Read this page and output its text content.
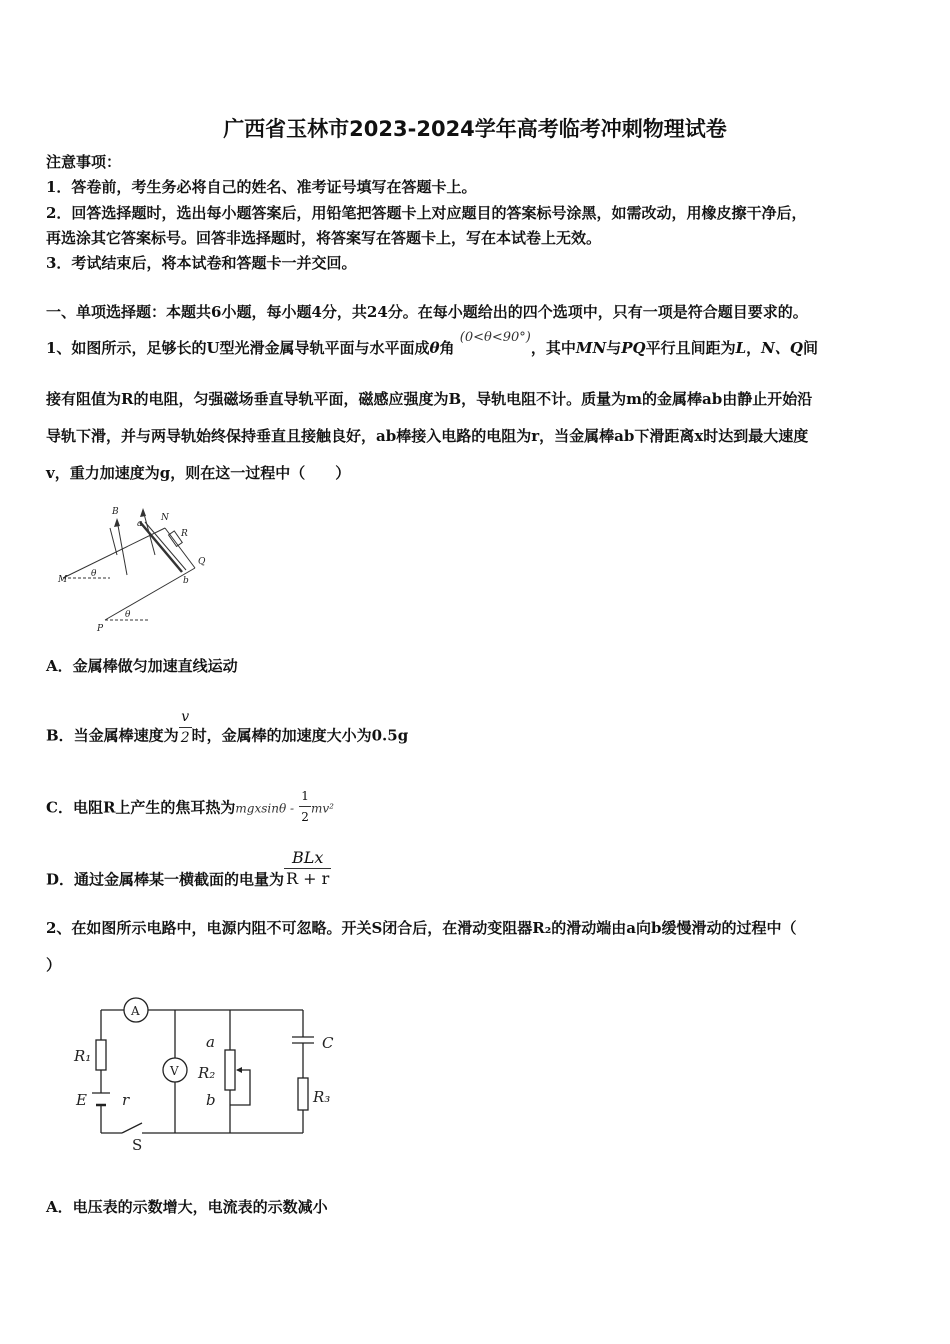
广西省玉林市2023-2024学年高考临考冲刺物理试卷
注意事项：
1．答卷前，考生务必将自己的姓名、准考证号填写在答题卡上。
2．回答选择题时，选出每小题答案后，用铅笔把答题卡上对应题目的答案标号涂黑，如需改动，用橡皮擦干净后，
再选涂其它答案标号。回答非选择题时，将答案写在答题卡上，写在本试卷上无效。
3．考试结束后，将本试卷和答题卡一并交回。
一、单项选择题：本题共6小题，每小题4分，共24分。在每小题给出的四个选项中，只有一项是符合题目要求的。
1、如图所示，足够长的U型光滑金属导轨平面与水平面成θ角 (0<θ<90°)，其中MN与PQ平行且间距为L，N、Q间
接有阻值为R的电阻，匀强磁场垂直导轨平面，磁感应强度为B，导轨电阻不计。质量为m的金属棒ab由静止开始沿
导轨下滑，并与两导轨始终保持垂直且接触良好，ab棒接入电路的电阻为r，当金属棒ab下滑距离x时达到最大速度
v，重力加速度为g，则在这一过程中（　　）
B
a
N
R
Q
b
M
θ
P
θ
A．金属棒做匀加速直线运动
B．当金属棒速度为 $\frac{v}{2}$ 时，金属棒的加速度大小为0.5g
C．电阻R上产生的焦耳热为mgxsinθ - $\frac{1}{2} mv^2$
D．通过金属棒某一横截面的电量为 $\frac{\text{BLx}}{R + r}$
2、在如图所示电路中，电源内阻不可忽略。开关S闭合后，在滑动变阻器R₂的滑动端由a向b缓慢滑动的过程中（
）
A
V
R₁
E r
S
a
R₂
b
C
R₃
A．电压表的示数增大，电流表的示数减小
